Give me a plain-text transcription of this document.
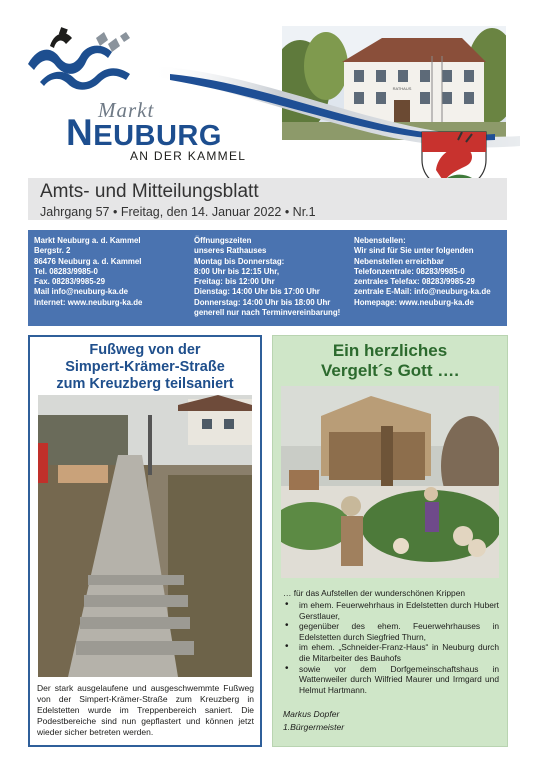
RATHAUS
Markt
NEUBURG
AN DER KAMMEL
Amts- und Mitteilungsblatt
Jahrgang 57 • Freitag, den 14. Januar 2022 • Nr.1
Markt Neuburg a. d. Kammel
Bergstr. 2
86476 Neuburg a. d. Kammel
Tel. 08283/9985-0
Fax. 08283/9985-29
Mail info@neuburg-ka.de
Internet: www.neuburg-ka.de
Öffnungszeiten
unseres Rathauses
Montag bis Donnerstag:
8:00 Uhr bis 12:15 Uhr,
Freitag: bis 12:00 Uhr
Dienstag: 14:00 Uhr bis 17:00 Uhr
Donnerstag: 14:00 Uhr bis 18:00 Uhr
generell nur nach Terminvereinbarung!
Nebenstellen:
Wir sind für Sie unter folgenden
Nebenstellen erreichbar
Telefonzentrale: 08283/9985-0
zentrales Telefax: 08283/9985-29
zentrale E-Mail: info@neuburg-ka.de
Homepage: www.neuburg-ka.de
Fußweg von der
Simpert-Krämer-Straße
zum Kreuzberg teilsaniert
Der stark ausgelaufene und ausgeschwemmte Fußweg von der Simpert-Krämer-Straße zum Kreuzberg in Edelstetten wurde im Treppenbereich saniert. Die Podestbereiche sind nun gepflastert und können jetzt wieder sicher betreten werden.
Ein herzliches
Vergelt´s Gott ….
… für das Aufstellen der wunderschönen Krippen
• im ehem. Feuerwehrhaus in Edelstetten durch Hubert Gerstlauer,
• gegenüber des ehem. Feuerwehrhauses in Edelstetten durch Siegfried Thurn,
• im ehem. „Schneider-Franz-Haus“ in Neuburg durch die Mitarbeiter des Bauhofs
• sowie vor dem Dorfgemeinschaftshaus in Wattenweiler durch Wilfried Maurer und Irmgard und Helmut Hartmann.
Markus Dopfer
1.Bürgermeister
